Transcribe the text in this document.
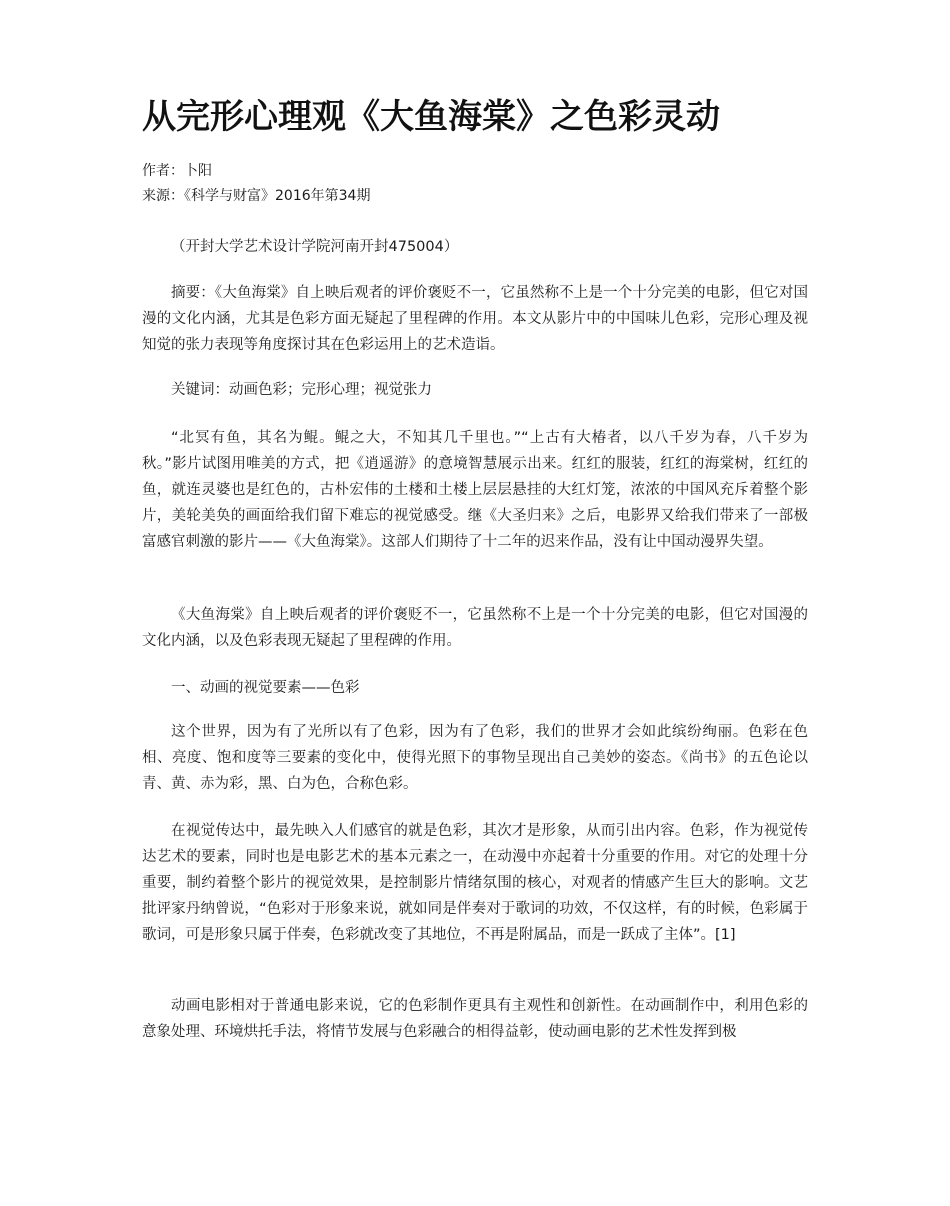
从完形心理观《大鱼海棠》之色彩灵动
作者：卜阳
来源：《科学与财富》2016年第34期

（开封大学艺术设计学院河南开封475004）

摘要：《大鱼海棠》自上映后观者的评价褒贬不一，它虽然称不上是一个十分完美的电影，但它对国漫的文化内涵，尤其是色彩方面无疑起了里程碑的作用。本文从影片中的中国味儿色彩，完形心理及视知觉的张力表现等角度探讨其在色彩运用上的艺术造诣。

关键词：动画色彩；完形心理；视觉张力

“北冥有鱼，其名为鲲。鲲之大，不知其几千里也。”“上古有大椿者，以八千岁为春，八千岁为秋。”影片试图用唯美的方式，把《逍遥游》的意境智慧展示出来。红红的服装，红红的海棠树，红红的鱼，就连灵婆也是红色的，古朴宏伟的土楼和土楼上层层悬挂的大红灯笼，浓浓的中国风充斥着整个影片，美轮美奂的画面给我们留下难忘的视觉感受。继《大圣归来》之后，电影界又给我们带来了一部极富感官刺激的影片——《大鱼海棠》。这部人们期待了十二年的迟来作品，没有让中国动漫界失望。

《大鱼海棠》自上映后观者的评价褒贬不一，它虽然称不上是一个十分完美的电影，但它对国漫的文化内涵，以及色彩表现无疑起了里程碑的作用。

一、动画的视觉要素——色彩

这个世界，因为有了光所以有了色彩，因为有了色彩，我们的世界才会如此缤纷绚丽。色彩在色相、亮度、饱和度等三要素的变化中，使得光照下的事物呈现出自己美妙的姿态。《尚书》的五色论以青、黄、赤为彩，黑、白为色，合称色彩。

在视觉传达中，最先映入人们感官的就是色彩，其次才是形象，从而引出内容。色彩，作为视觉传达艺术的要素，同时也是电影艺术的基本元素之一，在动漫中亦起着十分重要的作用。对它的处理十分重要，制约着整个影片的视觉效果，是控制影片情绪氛围的核心，对观者的情感产生巨大的影响。文艺批评家丹纳曾说，“色彩对于形象来说，就如同是伴奏对于歌词的功效，不仅这样，有的时候，色彩属于歌词，可是形象只属于伴奏，色彩就改变了其地位，不再是附属品，而是一跃成了主体”。[1]

动画电影相对于普通电影来说，它的色彩制作更具有主观性和创新性。在动画制作中，利用色彩的意象处理、环境烘托手法，将情节发展与色彩融合的相得益彰，使动画电影的艺术性发挥到极
